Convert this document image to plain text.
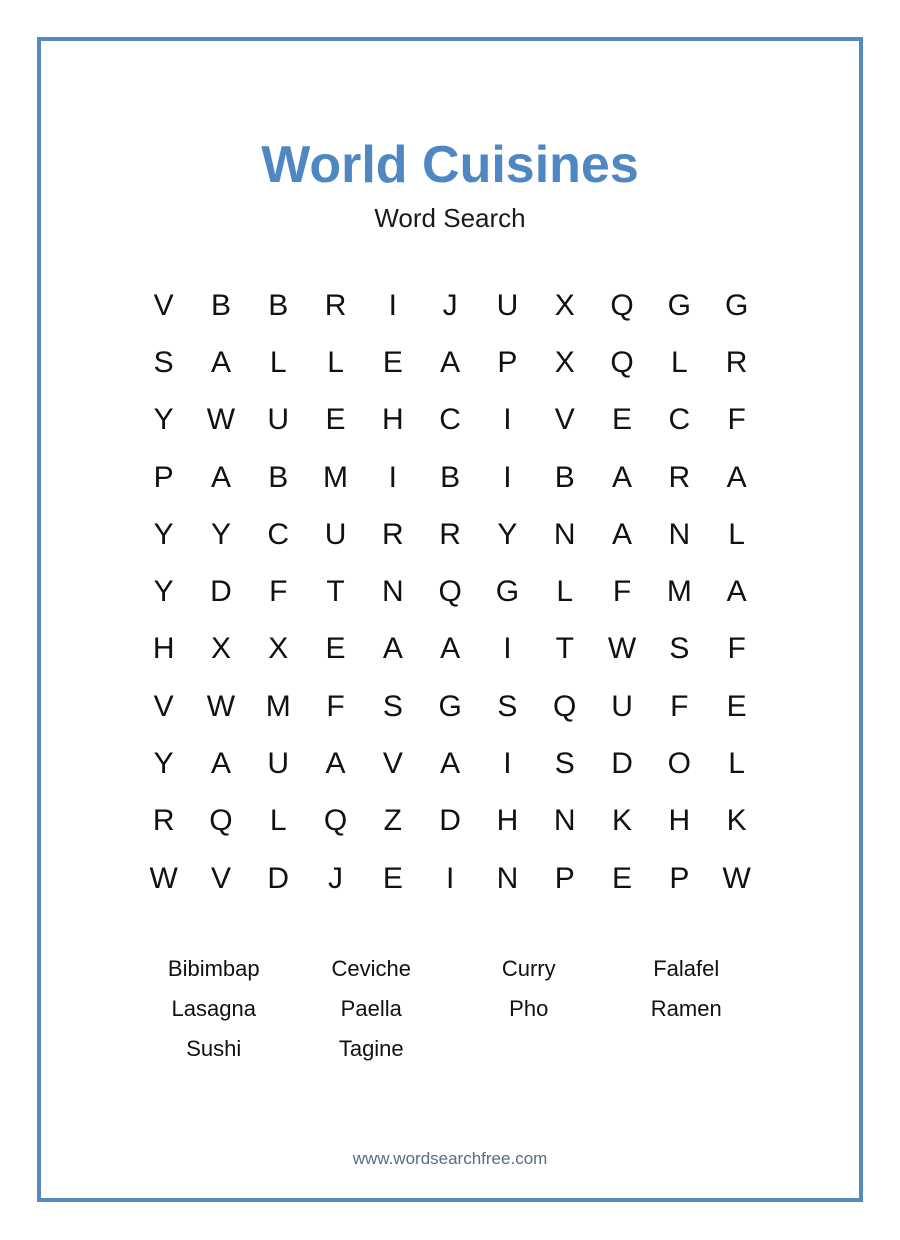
World Cuisines
Word Search
V	B	B	R	I	J	U	X	Q	G	G
S	A	L	L	E	A	P	X	Q	L	R
Y	W	U	E	H	C	I	V	E	C	F
P	A	B	M	I	B	I	B	A	R	A
Y	Y	C	U	R	R	Y	N	A	N	L
Y	D	F	T	N	Q	G	L	F	M	A
H	X	X	E	A	A	I	T	W	S	F
V	W	M	F	S	G	S	Q	U	F	E
Y	A	U	A	V	A	I	S	D	O	L
R	Q	L	Q	Z	D	H	N	K	H	K
W	V	D	J	E	I	N	P	E	P	W
Bibimbap	Ceviche	Curry	Falafel
Lasagna	Paella	Pho	Ramen
Sushi	Tagine
www.wordsearchfree.com
